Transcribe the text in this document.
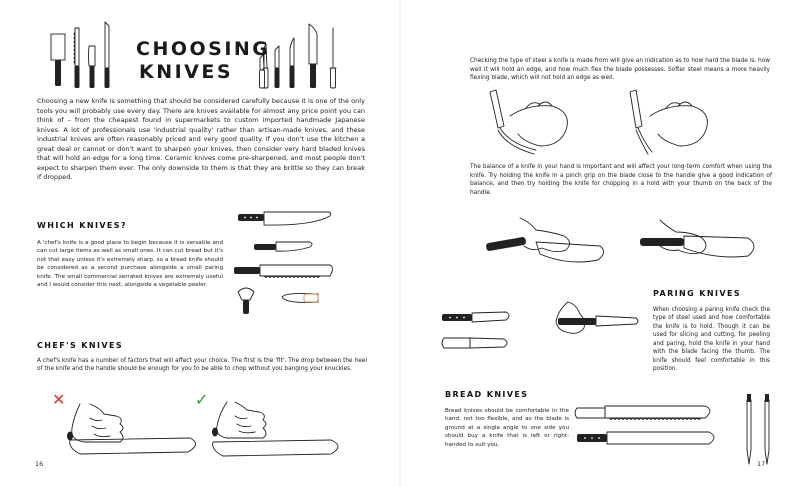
CHOOSING
KNIVES

Choosing a new knife is something that should be considered carefully because it is one of the only tools you will probably use every day. There are knives available for almost any price point you can think of – from the cheapest found in supermarkets to custom imported handmade Japanese knives. A lot of professionals use 'industrial quality' rather than artisan-made knives, and these industrial knives are often reasonably priced and very good quality. If you don't use the kitchen a great deal or cannot or don't want to sharpen your knives, then consider very hard bladed knives that will hold an edge for a long time. Ceramic knives come pre-sharpened, and most people don't expect to sharpen them ever. The only downside to them is that they are brittle so they can break if dropped.

WHICH KNIVES?

A 'chef's knife is a good place to begin because it is versatile and can cut large items as well as small ones. It can cut bread but it's not that easy unless it's extremely sharp, so a bread knife should be considered as a second purchase alongside a small paring knife. The small commercial serrated knives are extremely useful and I would consider this next, alongside a vegetable peeler.

CHEF'S KNIVES

A chef's knife has a number of factors that will affect your choice. The first is the 'fit'. The drop between the heel of the knife and the handle should be enough for you to be able to chop without you banging your knuckles.

✕	✓
16

Checking the type of steel a knife is made from will give an indication as to how hard the blade is, how well it will hold an edge, and how much flex the blade possesses. Softer steel means a more heavily flexing blade, which will not hold an edge as well.

The balance of a knife in your hand is important and will affect your long-term comfort when using the knife. Try holding the knife in a pinch grip on the blade close to the handle give a good indication of balance, and then try holding the knife for chopping in a hold with your thumb on the back of the handle.

PARING KNIVES

When choosing a paring knife check the type of steel used and how comfortable the knife is to hold. Though it can be used for slicing and cutting, for peeling and paring, hold the knife in your hand with the blade facing the thumb. The knife should feel comfortable in this position.

BREAD KNIVES

Bread knives should be comfortable in the hand, not too flexible, and as the blade is ground at a single angle to one side you should buy a knife that is left or right-handed to suit you.

17
